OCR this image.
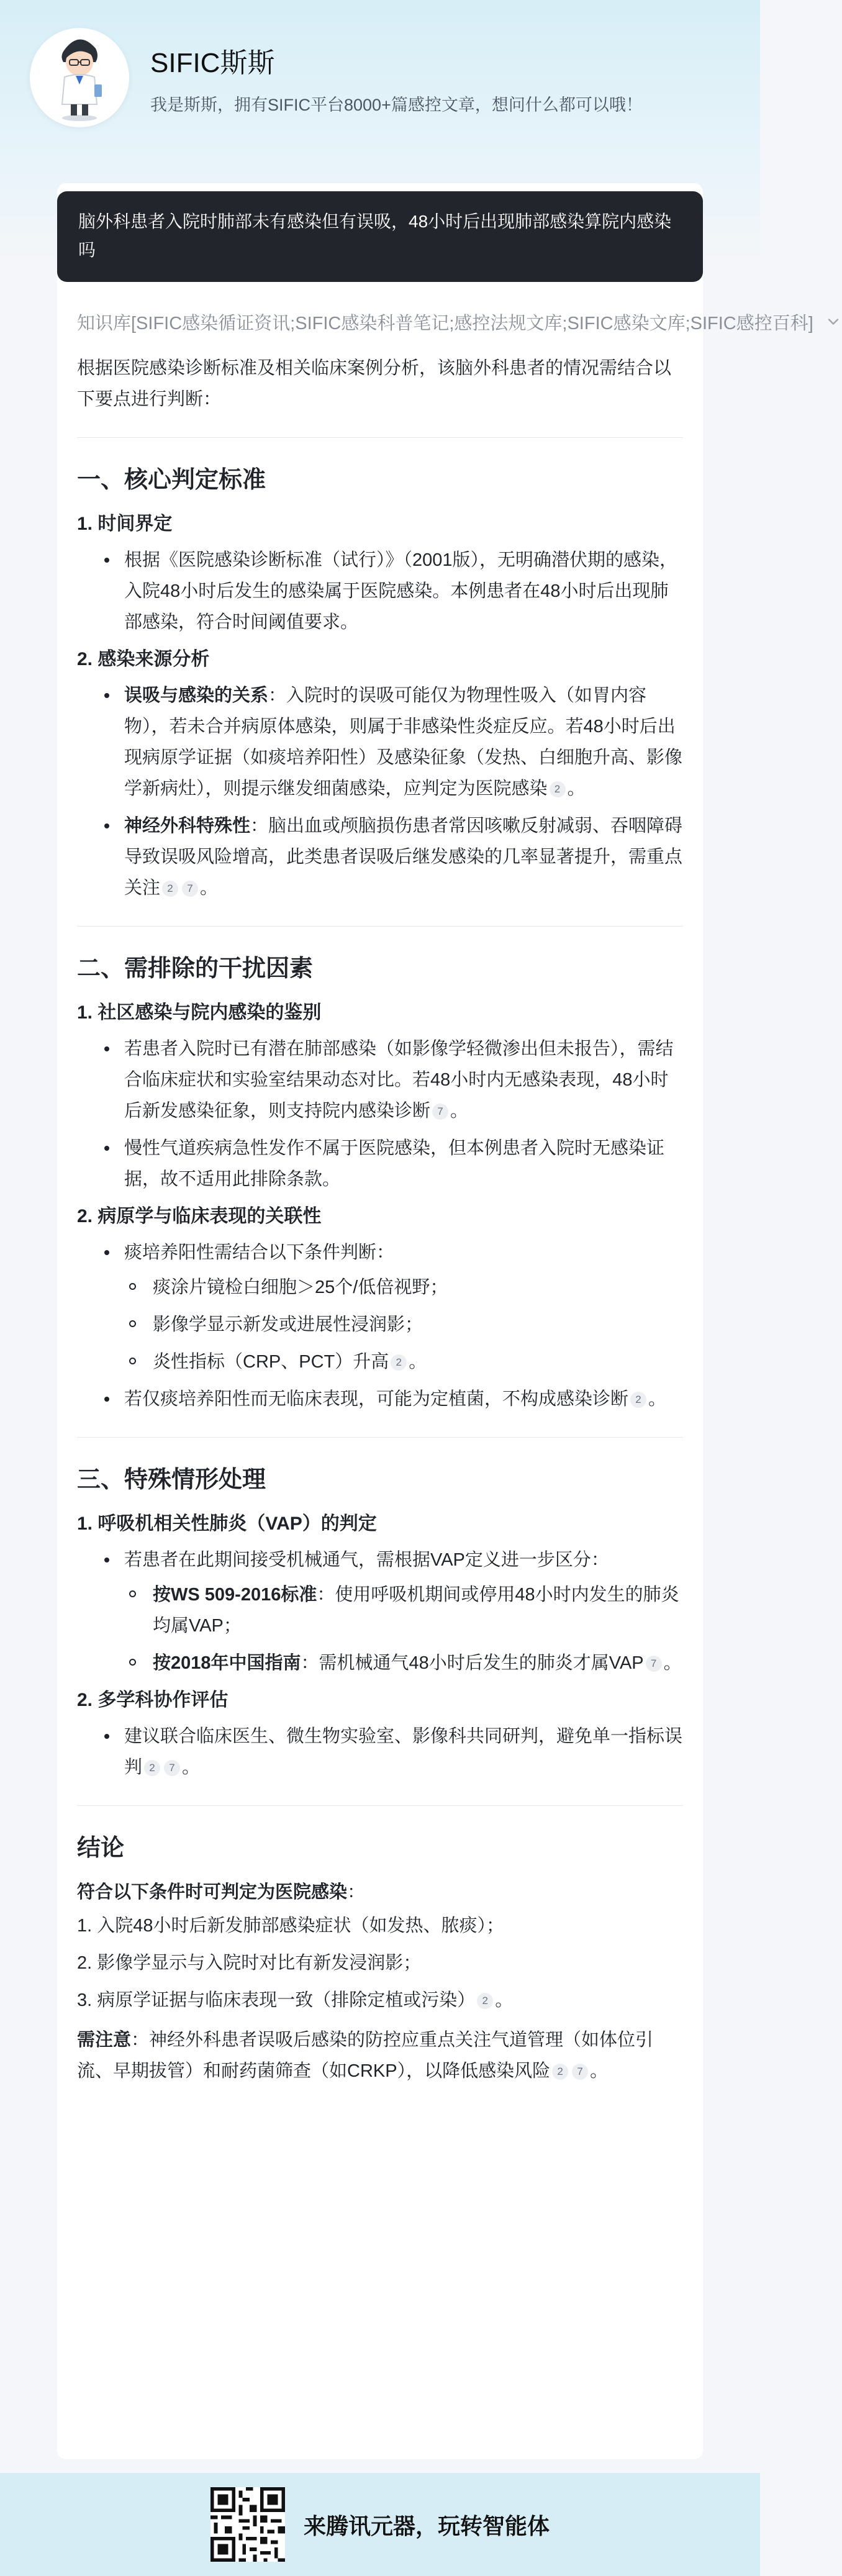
SIFIC斯斯
我是斯斯，拥有SIFIC平台8000+篇感控文章，想问什么都可以哦！
脑外科患者入院时肺部未有感染但有误吸，48小时后出现肺部感染算院内感染吗
知识库[SIFIC感染循证资讯;SIFIC感染科普笔记;感控法规文库;SIFIC感染文库;SIFIC感控百科]

根据医院感染诊断标准及相关临床案例分析，该脑外科患者的情况需结合以下要点进行判断：

一、核心判定标准
1. 时间界定
根据《医院感染诊断标准（试行）》（2001版），无明确潜伏期的感染，入院48小时后发生的感染属于医院感染。本例患者在48小时后出现肺部感染，符合时间阈值要求。
2. 感染来源分析
误吸与感染的关系：入院时的误吸可能仅为物理性吸入（如胃内容物），若未合并病原体感染，则属于非感染性炎症反应。若48小时后出现病原学证据（如痰培养阳性）及感染征象（发热、白细胞升高、影像学新病灶），则提示继发细菌感染，应判定为医院感染 2 。
神经外科特殊性：脑出血或颅脑损伤患者常因咳嗽反射减弱、吞咽障碍导致误吸风险增高，此类患者误吸后继发感染的几率显著提升，需重点关注 2 7 。
二、需排除的干扰因素
1. 社区感染与院内感染的鉴别
若患者入院时已有潜在肺部感染（如影像学轻微渗出但未报告），需结合临床症状和实验室结果动态对比。若48小时内无感染表现，48小时后新发感染征象，则支持院内感染诊断 7 。
慢性气道疾病急性发作不属于医院感染，但本例患者入院时无感染证据，故不适用此排除条款。
2. 病原学与临床表现的关联性
痰培养阳性需结合以下条件判断：
痰涂片镜检白细胞＞25个/低倍视野；
影像学显示新发或进展性浸润影；
炎性指标（CRP、PCT）升高 2 。
若仅痰培养阳性而无临床表现，可能为定植菌，不构成感染诊断 2 。
三、特殊情形处理
1. 呼吸机相关性肺炎（VAP）的判定
若患者在此期间接受机械通气，需根据VAP定义进一步区分：
按WS 509-2016标准：使用呼吸机期间或停用48小时内发生的肺炎均属VAP；
按2018年中国指南：需机械通气48小时后发生的肺炎才属VAP 7 。
2. 多学科协作评估
建议联合临床医生、微生物实验室、影像科共同研判，避免单一指标误判 2 7 。
结论

符合以下条件时可判定为医院感染：

1. 入院48小时后新发肺部感染症状（如发热、脓痰）；
2. 影像学显示与入院时对比有新发浸润影；
3. 病原学证据与临床表现一致（排除定植或污染） 2 。

需注意：神经外科患者误吸后感染的防控应重点关注气道管理（如体位引流、早期拔管）和耐药菌筛查（如CRKP），以降低感染风险 2 7 。

来腾讯元器，玩转智能体
